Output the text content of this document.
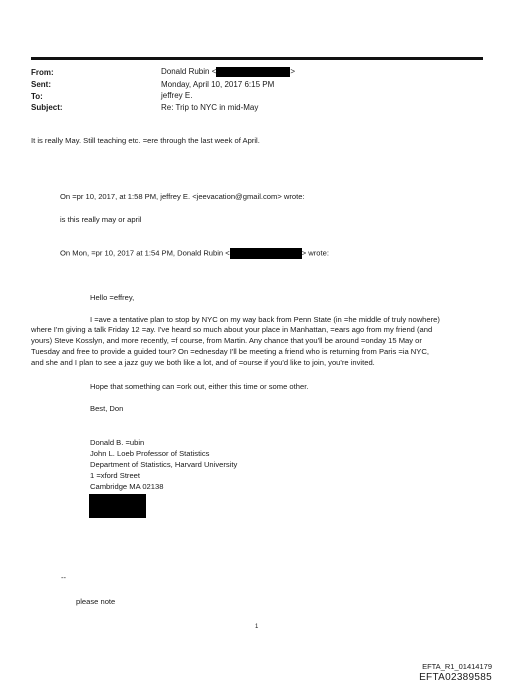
From:
Sent:
To:
Subject:
Donald Rubin <	>
Monday, April 10, 2017 6:15 PM
jeffrey E.
Re: Trip to NYC in mid-May
It is really May. Still teaching etc. =ere through the last week of April.
On =pr 10, 2017, at 1:58 PM, jeffrey E. <jeevacation@gmail.com> wrote:
is this really may or april
On Mon, =pr 10, 2017 at 1:54 PM, Donald Rubin <	> wrote:
Hello =effrey,
I =ave a tentative plan to stop by NYC on my way back from Penn State (in =he middle of truly nowhere)
where I'm giving a talk Friday 12 =ay. I've heard so much about your place in Manhattan, =ears ago from my friend (and
yours) Steve Kosslyn, and more recently, =f course, from Martin. Any chance that you'll be around =onday 15 May or
Tuesday and free to provide a guided tour? On =ednesday I'll be meeting a friend who is returning from Paris =ia NYC,
and she and I plan to see a jazz guy we both like a lot, and of =ourse if you'd like to join, you're invited.
Hope that something can =ork out, either this time or some other.
Best, Don
Donald B. =ubin
John L. Loeb Professor of Statistics
Department of Statistics, Harvard University
1 =xford Street
Cambridge MA 02138
--
please note
1
EFTA_R1_01414179
EFTA02389585
